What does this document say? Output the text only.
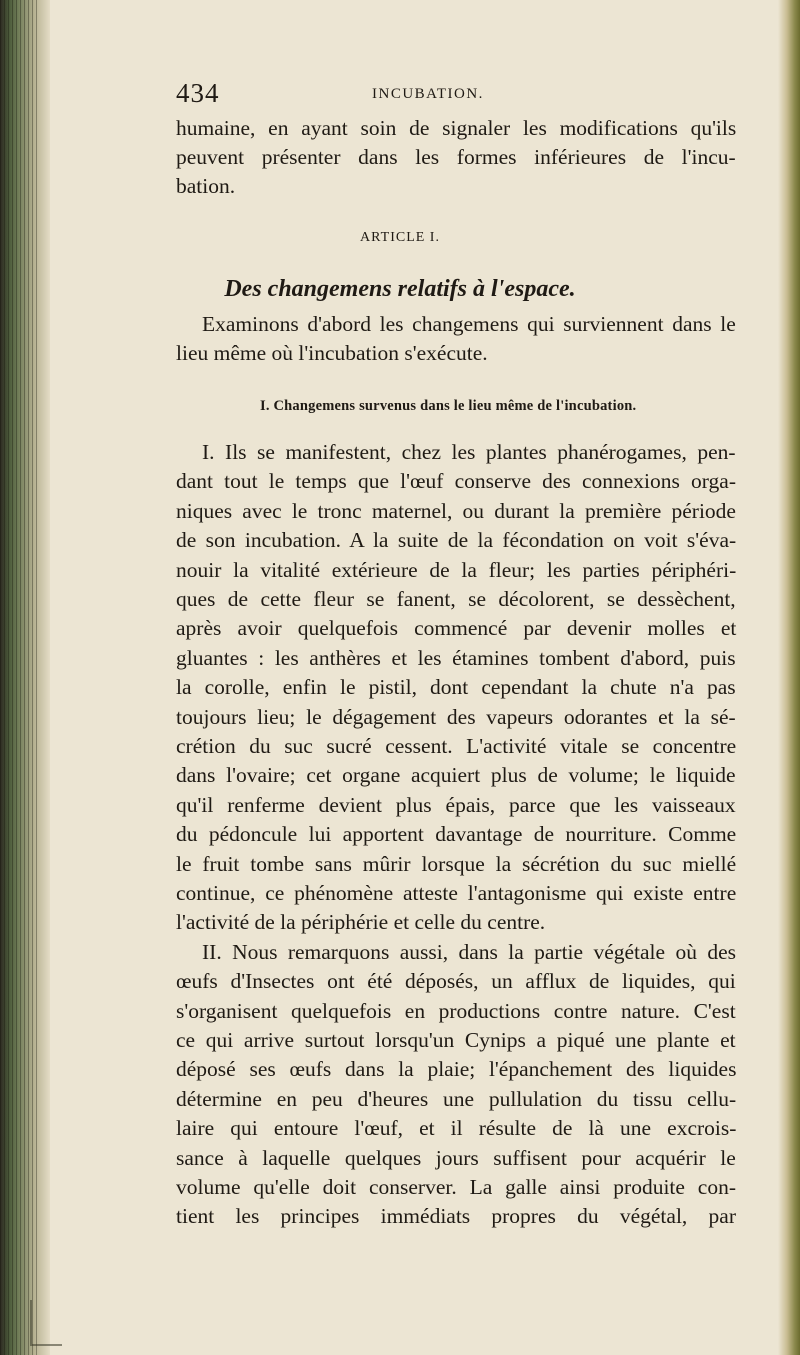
434	INCUBATION.
ARTICLE I.
Des changemens relatifs à l'espace.
I. Changemens survenus dans le lieu même de l'incubation.
humaine, en ayant soin de signaler les modifications qu'ils
peuvent présenter dans les formes inférieures de l'incu-
bation.
Examinons d'abord les changemens qui surviennent dans le
lieu même où l'incubation s'exécute.
I. Ils se manifestent, chez les plantes phanérogames, pen-
dant tout le temps que l'œuf conserve des connexions orga-
niques avec le tronc maternel, ou durant la première période
de son incubation. A la suite de la fécondation on voit s'éva-
nouir la vitalité extérieure de la fleur; les parties périphéri-
ques de cette fleur se fanent, se décolorent, se dessèchent,
après avoir quelquefois commencé par devenir molles et
gluantes : les anthères et les étamines tombent d'abord, puis
la corolle, enfin le pistil, dont cependant la chute n'a pas
toujours lieu; le dégagement des vapeurs odorantes et la sé-
crétion du suc sucré cessent. L'activité vitale se concentre
dans l'ovaire; cet organe acquiert plus de volume; le liquide
qu'il renferme devient plus épais, parce que les vaisseaux
du pédoncule lui apportent davantage de nourriture. Comme
le fruit tombe sans mûrir lorsque la sécrétion du suc miellé
continue, ce phénomène atteste l'antagonisme qui existe entre
l'activité de la périphérie et celle du centre.
II. Nous remarquons aussi, dans la partie végétale où des
œufs d'Insectes ont été déposés, un afflux de liquides, qui
s'organisent quelquefois en productions contre nature. C'est
ce qui arrive surtout lorsqu'un Cynips a piqué une plante et
déposé ses œufs dans la plaie; l'épanchement des liquides
détermine en peu d'heures une pullulation du tissu cellu-
laire qui entoure l'œuf, et il résulte de là une excrois-
sance à laquelle quelques jours suffisent pour acquérir le
volume qu'elle doit conserver. La galle ainsi produite con-
tient les principes immédiats propres du végétal, par
